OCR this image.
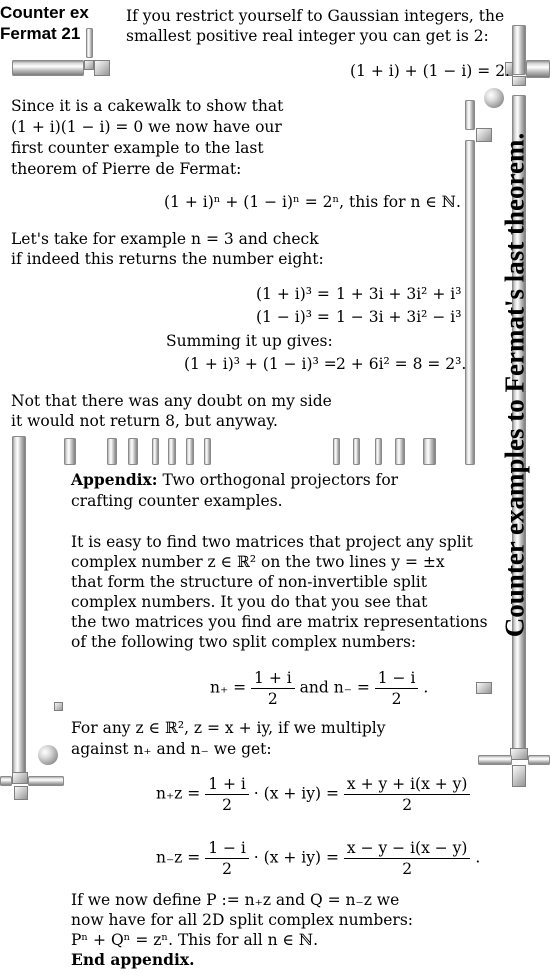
Counter ex
Fermat 21
Counter examples to Fermat's last theorem.
If you restrict yourself to Gaussian integers, the
smallest positive real integer you can get is 2:
(1 + i) + (1 − i) = 2.
Since it is a cakewalk to show that
(1 + i)(1 − i) = 0 we now have our
first counter example to the last
theorem of Pierre de Fermat:
(1 + i)ⁿ + (1 − i)ⁿ = 2ⁿ, this for n ∈ ℕ.
Let's take for example n = 3 and check
if indeed this returns the number eight:
(1 + i)³ = 1 + 3i + 3i² + i³
(1 − i)³ = 1 − 3i + 3i² − i³
Summing it up gives:
(1 + i)³ + (1 − i)³ = 2 + 6i² = 8 = 2³.
Not that there was any doubt on my side
it would not return 8, but anyway.
Appendix: Two orthogonal projectors for
crafting counter examples.
It is easy to find two matrices that project any split
complex number z ∈ ℝ² on the two lines y = ±x
that form the structure of non-invertible split
complex numbers. It you do that you see that
the two matrices you find are matrix representations
of the following two split complex numbers:
$n_+ = \frac{1 + i}{2}$ and $n_- = \frac{1 - i}{2}$ .
For any z ∈ ℝ², z = x + iy, if we multiply
against n₊ and n₋ we get:
$n_+z = \frac{1 + i}{2} \cdot (x + iy) = \frac{x + y + i(x + y)}{2}$
$n_-z = \frac{1 - i}{2} \cdot (x + iy) = \frac{x - y - i(x - y)}{2}$ .
If we now define P := n₊z and Q = n₋z we
now have for all 2D split complex numbers:
Pⁿ + Qⁿ = zⁿ. This for all n ∈ ℕ.
End appendix.
